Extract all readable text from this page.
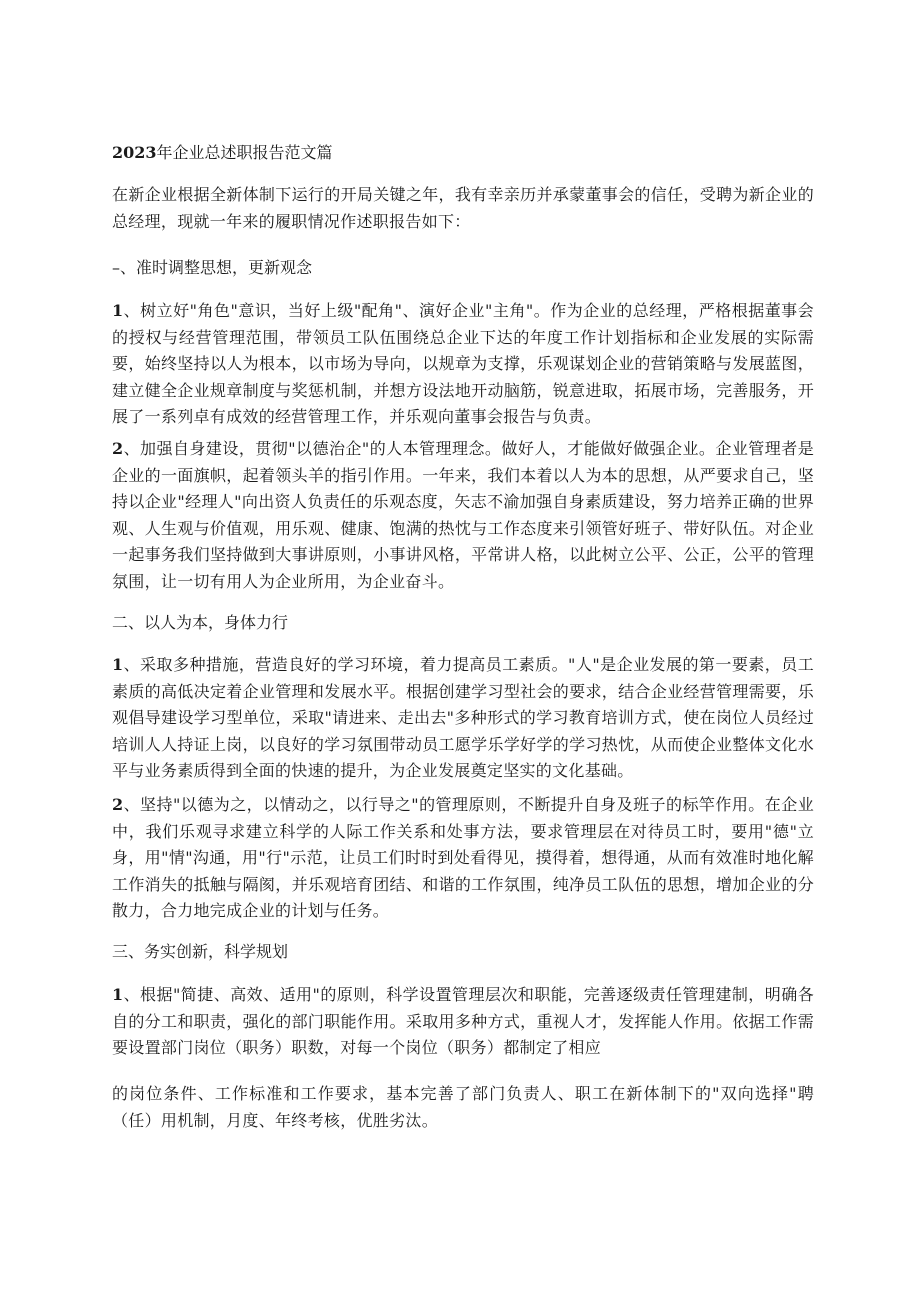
2023年企业总述职报告范文篇

在新企业根据全新体制下运行的开局关键之年，我有幸亲历并承蒙董事会的信任，受聘为新企业的总经理，现就一年来的履职情况作述职报告如下：

–、准时调整思想，更新观念

1、树立好"角色"意识，当好上级"配角"、演好企业"主角"。作为企业的总经理，严格根据董事会的授权与经营管理范围，带领员工队伍围绕总企业下达的年度工作计划指标和企业发展的实际需要，始终坚持以人为根本，以市场为导向，以规章为支撑，乐观谋划企业的营销策略与发展蓝图，建立健全企业规章制度与奖惩机制，并想方设法地开动脑筋，锐意进取，拓展市场，完善服务，开展了一系列卓有成效的经营管理工作，并乐观向董事会报告与负责。

2、加强自身建设，贯彻"以德治企"的人本管理理念。做好人，才能做好做强企业。企业管理者是企业的一面旗帜，起着领头羊的指引作用。一年来，我们本着以人为本的思想，从严要求自己，坚持以企业"经理人"向出资人负责任的乐观态度，矢志不渝加强自身素质建设，努力培养正确的世界观、人生观与价值观，用乐观、健康、饱满的热忱与工作态度来引领管好班子、带好队伍。对企业一起事务我们坚持做到大事讲原则，小事讲风格，平常讲人格，以此树立公平、公正，公平的管理氛围，让一切有用人为企业所用，为企业奋斗。

二、以人为本，身体力行

1、采取多种措施，营造良好的学习环境，着力提高员工素质。"人"是企业发展的第一要素，员工素质的高低决定着企业管理和发展水平。根据创建学习型社会的要求，结合企业经营管理需要，乐观倡导建设学习型单位，采取"请进来、走出去"多种形式的学习教育培训方式，使在岗位人员经过培训人人持证上岗，以良好的学习氛围带动员工愿学乐学好学的学习热忱，从而使企业整体文化水平与业务素质得到全面的快速的提升，为企业发展奠定坚实的文化基础。

2、坚持"以德为之，以情动之，以行导之"的管理原则，不断提升自身及班子的标竿作用。在企业中，我们乐观寻求建立科学的人际工作关系和处事方法，要求管理层在对待员工时，要用"德"立身，用"情"沟通，用"行"示范，让员工们时时到处看得见，摸得着，想得通，从而有效准时地化解工作消失的抵触与隔阂，并乐观培育团结、和谐的工作氛围，纯净员工队伍的思想，增加企业的分散力，合力地完成企业的计划与任务。

三、务实创新，科学规划

1、根据"简捷、高效、适用"的原则，科学设置管理层次和职能，完善逐级责任管理建制，明确各自的分工和职责，强化的部门职能作用。采取用多种方式，重视人才，发挥能人作用。依据工作需要设置部门岗位（职务）职数，对每一个岗位（职务）都制定了相应

的岗位条件、工作标准和工作要求，基本完善了部门负责人、职工在新体制下的"双向选择"聘（任）用机制，月度、年终考核，优胜劣汰。
